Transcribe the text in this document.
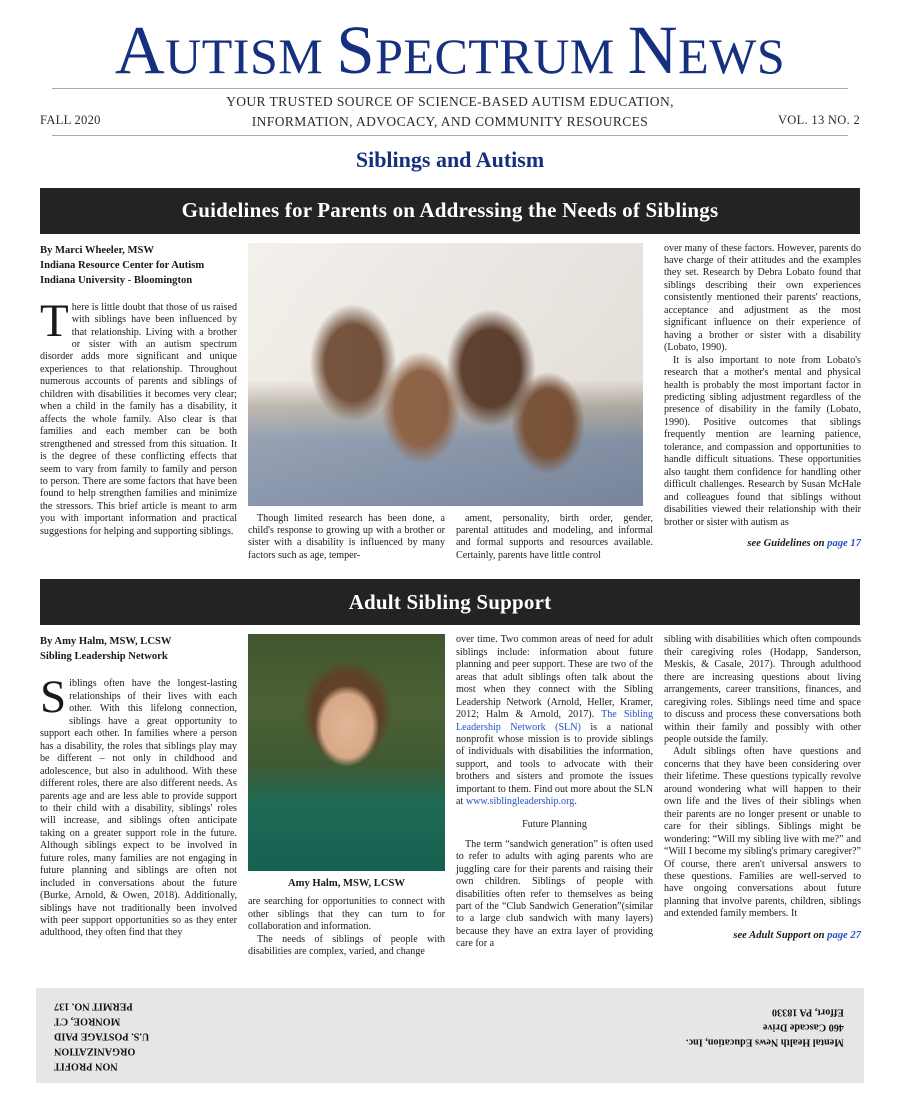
AUTISM SPECTRUM NEWS
YOUR TRUSTED SOURCE OF SCIENCE-BASED AUTISM EDUCATION,
INFORMATION, ADVOCACY, AND COMMUNITY RESOURCES
FALL 2020	VOL. 13 NO. 2
Siblings and Autism
Guidelines for Parents on Addressing the Needs of Siblings
By Marci Wheeler, MSW
Indiana Resource Center for Autism
Indiana University - Bloomington

There is little doubt that those of us raised with siblings have been influenced by that relationship. Living with a brother or sister with an autism spectrum disorder adds more significant and unique experiences to that relationship. Throughout numerous accounts of parents and siblings of children with disabilities it becomes very clear; when a child in the family has a disability, it affects the whole family. Also clear is that families and each member can be both strengthened and stressed from this situation. It is the degree of these conflicting effects that seem to vary from family to family and person to person. There are some factors that have been found to help strengthen families and minimize the stressors. This brief article is meant to arm you with important information and practical suggestions for helping and supporting siblings.

Though limited research has been done, a child's response to growing up with a brother or sister with a disability is influenced by many factors such as age, temper-

ament, personality, birth order, gender, parental attitudes and modeling, and informal and formal supports and resources available. Certainly, parents have little control

over many of these factors. However, parents do have charge of their attitudes and the examples they set. Research by Debra Lobato found that siblings describing their own experiences consistently mentioned their parents' reactions, acceptance and adjustment as the most significant influence on their experience of having a brother or sister with a disability (Lobato, 1990).

It is also important to note from Lobato's research that a mother's mental and physical health is probably the most important factor in predicting sibling adjustment regardless of the presence of disability in the family (Lobato, 1990). Positive outcomes that siblings frequently mention are learning patience, tolerance, and compassion and opportunities to handle difficult situations. These opportunities also taught them confidence for handling other difficult challenges. Research by Susan McHale and colleagues found that siblings without disabilities viewed their relationship with their brother or sister with autism as

see Guidelines on page 17
Adult Sibling Support
By Amy Halm, MSW, LCSW
Sibling Leadership Network

Siblings often have the longest-lasting relationships of their lives with each other. With this lifelong connection, siblings have a great opportunity to support each other. In families where a person has a disability, the roles that siblings play may be different – not only in childhood and adolescence, but also in adulthood. With these different roles, there are also different needs. As parents age and are less able to provide support to their child with a disability, siblings' roles will increase, and siblings often anticipate taking on a greater support role in the future. Although siblings expect to be involved in future roles, many families are not engaging in future planning and siblings are often not included in conversations about the future (Burke, Arnold, & Owen, 2018). Additionally, siblings have not traditionally been involved with peer support opportunities so as they enter adulthood, they often find that they

Amy Halm, MSW, LCSW

are searching for opportunities to connect with other siblings that they can turn to for collaboration and information.

The needs of siblings of people with disabilities are complex, varied, and change

over time. Two common areas of need for adult siblings include: information about future planning and peer support. These are two of the areas that adult siblings often talk about the most when they connect with the Sibling Leadership Network (Arnold, Heller, Kramer, 2012; Halm & Arnold, 2017). The Sibling Leadership Network (SLN) is a national nonprofit whose mission is to provide siblings of individuals with disabilities the information, support, and tools to advocate with their brothers and sisters and promote the issues important to them. Find out more about the SLN at www.siblingleadership.org.

Future Planning

The term “sandwich generation” is often used to refer to adults with aging parents who are juggling care for their parents and raising their own children. Siblings of people with disabilities often refer to themselves as being part of the “Club Sandwich Generation”(similar to a large club sandwich with many layers) because they have an extra layer of providing care for a

sibling with disabilities which often compounds their caregiving roles (Hodapp, Sanderson, Meskis, & Casale, 2017). Through adulthood there are increasing questions about living arrangements, career transitions, finances, and caregiving roles. Siblings need time and space to discuss and process these conversations both within their family and possibly with other people outside the family.

Adult siblings often have questions and concerns that they have been considering over their lifetime. These questions typically revolve around wondering what will happen to their own life and the lives of their siblings when their parents are no longer present or unable to care for their siblings. Siblings might be wondering: “Will my sibling live with me?” and “Will I become my sibling's primary caregiver?” Of course, there aren't universal answers to these questions. Families are well-served to have ongoing conversations about future planning that involve parents, children, siblings and extended family members. It

see Adult Support on page 27
NON PROFIT
ORGANIZATION
U.S. POSTAGE PAID
MONROE, CT
PERMIT NO. 137
Mental Health News Education, Inc.
460 Cascade Drive
Effort, PA 18330
